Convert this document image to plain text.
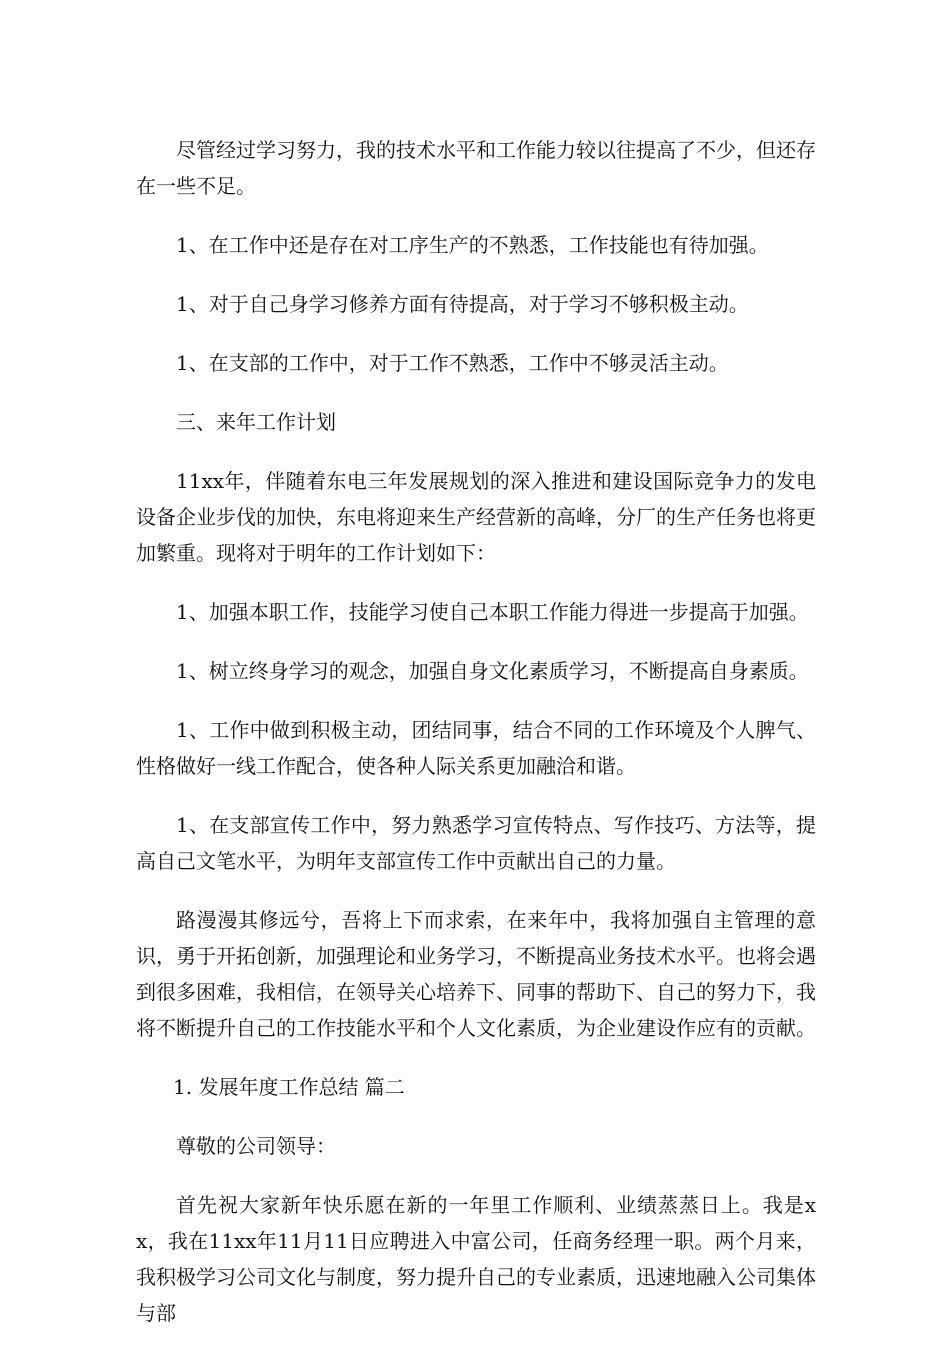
尽管经过学习努力，我的技术水平和工作能力较以往提高了不少，但还存在一些不足。

1、在工作中还是存在对工序生产的不熟悉，工作技能也有待加强。

1、对于自己身学习修养方面有待提高，对于学习不够积极主动。

1、在支部的工作中，对于工作不熟悉，工作中不够灵活主动。

三、来年工作计划

11xx年，伴随着东电三年发展规划的深入推进和建设国际竞争力的发电设备企业步伐的加快，东电将迎来生产经营新的高峰，分厂的生产任务也将更加繁重。现将对于明年的工作计划如下：

1、加强本职工作，技能学习使自己本职工作能力得进一步提高于加强。

1、树立终身学习的观念，加强自身文化素质学习，不断提高自身素质。

1、工作中做到积极主动，团结同事，结合不同的工作环境及个人脾气、性格做好一线工作配合，使各种人际关系更加融洽和谐。

1、在支部宣传工作中，努力熟悉学习宣传特点、写作技巧、方法等，提高自己文笔水平，为明年支部宣传工作中贡献出自己的力量。

路漫漫其修远兮，吾将上下而求索，在来年中，我将加强自主管理的意识，勇于开拓创新，加强理论和业务学习，不断提高业务技术水平。也将会遇到很多困难，我相信，在领导关心培养下、同事的帮助下、自己的努力下，我将不断提升自己的工作技能水平和个人文化素质，为企业建设作应有的贡献。

1. 发展年度工作总结 篇二

尊敬的公司领导：

首先祝大家新年快乐愿在新的一年里工作顺利、业绩蒸蒸日上。我是xx，我在11xx年11月11日应聘进入中富公司，任商务经理一职。两个月来，我积极学习公司文化与制度，努力提升自己的专业素质，迅速地融入公司集体与部
